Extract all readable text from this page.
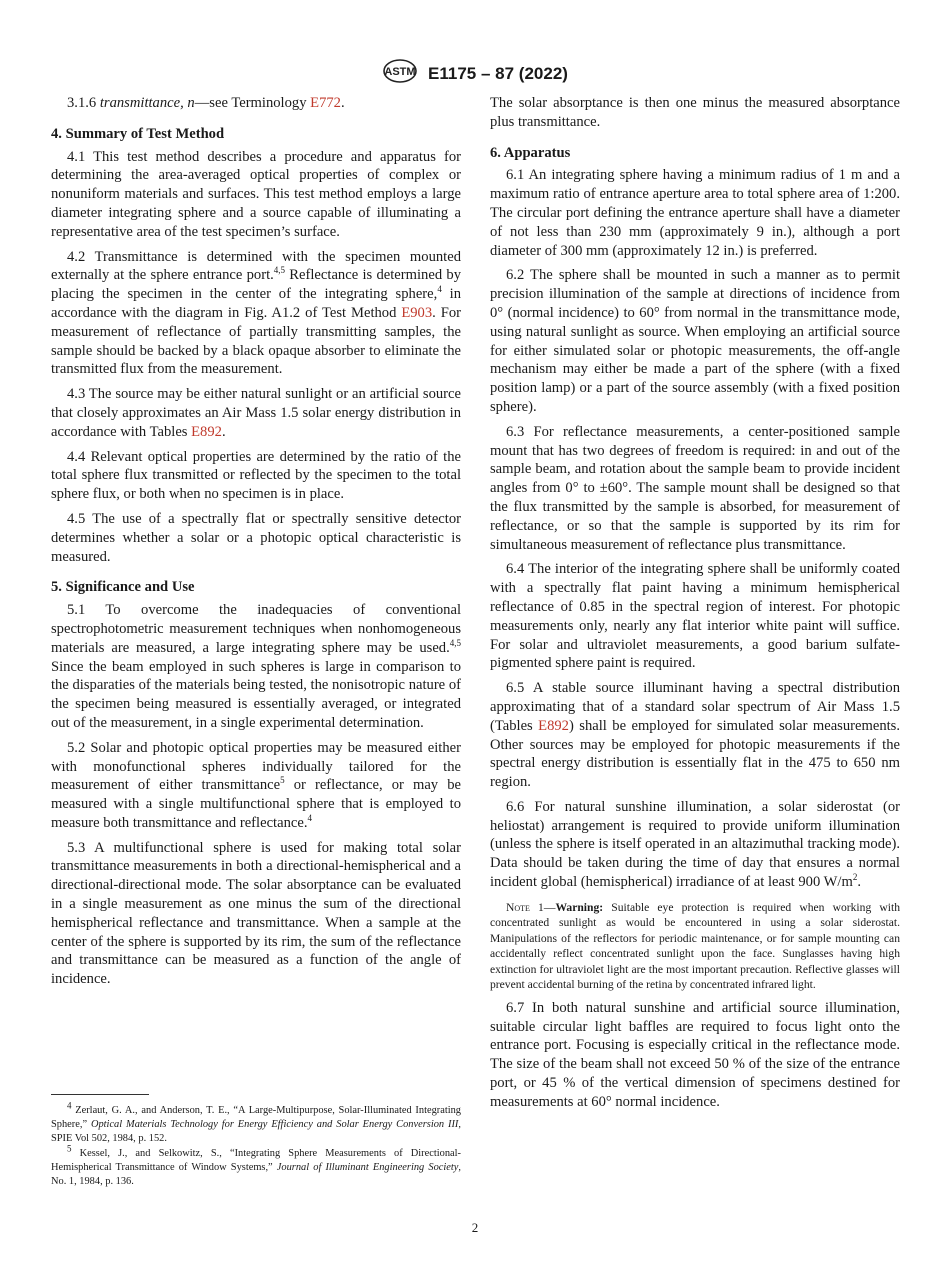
ASTM E1175 – 87 (2022)

3.1.6 transmittance, n—see Terminology E772.

4. Summary of Test Method

4.1 This test method describes a procedure and apparatus for determining the area-averaged optical properties of complex or nonuniform materials and surfaces. This test method employs a large diameter integrating sphere and a source capable of illuminating a representative area of the test specimen’s surface.

4.2 Transmittance is determined with the specimen mounted externally at the sphere entrance port.$^{4,5}$ Reflectance is determined by placing the specimen in the center of the integrating sphere,$^4$ in accordance with the diagram in Fig. A1.2 of Test Method E903. For measurement of reflectance of partially transmitting samples, the sample should be backed by a black opaque absorber to eliminate the transmitted flux from the measurement.

4.3 The source may be either natural sunlight or an artificial source that closely approximates an Air Mass 1.5 solar energy distribution in accordance with Tables E892.

4.4 Relevant optical properties are determined by the ratio of the total sphere flux transmitted or reflected by the specimen to the total sphere flux, or both when no specimen is in place.

4.5 The use of a spectrally flat or spectrally sensitive detector determines whether a solar or a photopic optical characteristic is measured.

5. Significance and Use

5.1 To overcome the inadequacies of conventional spectrophotometric measurement techniques when nonhomogeneous materials are measured, a large integrating sphere may be used.$^{4,5}$ Since the beam employed in such spheres is large in comparison to the disparaties of the materials being tested, the nonisotropic nature of the specimen being measured is essentially averaged, or integrated out of the measurement, in a single experimental determination.

5.2 Solar and photopic optical properties may be measured either with monofunctional spheres individually tailored for the measurement of either transmittance$^5$ or reflectance, or may be measured with a single multifunctional sphere that is employed to measure both transmittance and reflectance.$^4$

5.3 A multifunctional sphere is used for making total solar transmittance measurements in both a directional-hemispherical and a directional-directional mode. The solar absorptance can be evaluated in a single measurement as one minus the sum of the directional hemispherical reflectance and transmittance. When a sample at the center of the sphere is supported by its rim, the sum of the reflectance and transmittance can be measured as a function of the angle of incidence.

$^4$ Zerlaut, G. A., and Anderson, T. E., “A Large-Multipurpose, Solar-Illuminated Integrating Sphere,” Optical Materials Technology for Energy Efficiency and Solar Energy Conversion III, SPIE Vol 502, 1984, p. 152.

$^5$ Kessel, J., and Selkowitz, S., “Integrating Sphere Measurements of Directional-Hemispherical Transmittance of Window Systems,” Journal of Illuminant Engineering Society, No. 1, 1984, p. 136.

The solar absorptance is then one minus the measured absorptance plus transmittance.

6. Apparatus

6.1 An integrating sphere having a minimum radius of 1 m and a maximum ratio of entrance aperture area to total sphere area of 1:200. The circular port defining the entrance aperture shall have a diameter of not less than 230 mm (approximately 9 in.), although a port diameter of 300 mm (approximately 12 in.) is preferred.

6.2 The sphere shall be mounted in such a manner as to permit precision illumination of the sample at directions of incidence from 0° (normal incidence) to 60° from normal in the transmittance mode, using natural sunlight as source. When employing an artificial source for either simulated solar or photopic measurements, the off-angle mechanism may either be made a part of the sphere (with a fixed position lamp) or a part of the source assembly (with a fixed position sphere).

6.3 For reflectance measurements, a center-positioned sample mount that has two degrees of freedom is required: in and out of the sample beam, and rotation about the sample beam to provide incident angles from 0° to ±60°. The sample mount shall be designed so that the flux transmitted by the sample is absorbed, for measurement of reflectance, or so that the sample is supported by its rim for simultaneous measurement of reflectance plus transmittance.

6.4 The interior of the integrating sphere shall be uniformly coated with a spectrally flat paint having a minimum hemispherical reflectance of 0.85 in the spectral region of interest. For photopic measurements only, nearly any flat interior white paint will suffice. For solar and ultraviolet measurements, a good barium sulfate-pigmented sphere paint is required.

6.5 A stable source illuminant having a spectral distribution approximating that of a standard solar spectrum of Air Mass 1.5 (Tables E892) shall be employed for simulated solar measurements. Other sources may be employed for photopic measurements if the spectral energy distribution is essentially flat in the 475 to 650 nm region.

6.6 For natural sunshine illumination, a solar siderostat (or heliostat) arrangement is required to provide uniform illumination (unless the sphere is itself operated in an altazimuthal tracking mode). Data should be taken during the time of day that ensures a normal incident global (hemispherical) irradiance of at least 900 $W/m^2$.

Note 1—Warning: Suitable eye protection is required when working with concentrated sunlight as would be encountered in using a solar siderostat. Manipulations of the reflectors for periodic maintenance, or for sample mounting can accidentally reflect concentrated sunlight upon the face. Sunglasses having high extinction for ultraviolet light are the most important precaution. Reflective glasses will prevent accidental burning of the retina by concentrated infrared light.

6.7 In both natural sunshine and artificial source illumination, suitable circular light baffles are required to focus light onto the entrance port. Focusing is especially critical in the reflectance mode. The size of the beam shall not exceed 50 % of the size of the entrance port, or 45 % of the vertical dimension of specimens destined for measurements at 60° normal incidence.

2
